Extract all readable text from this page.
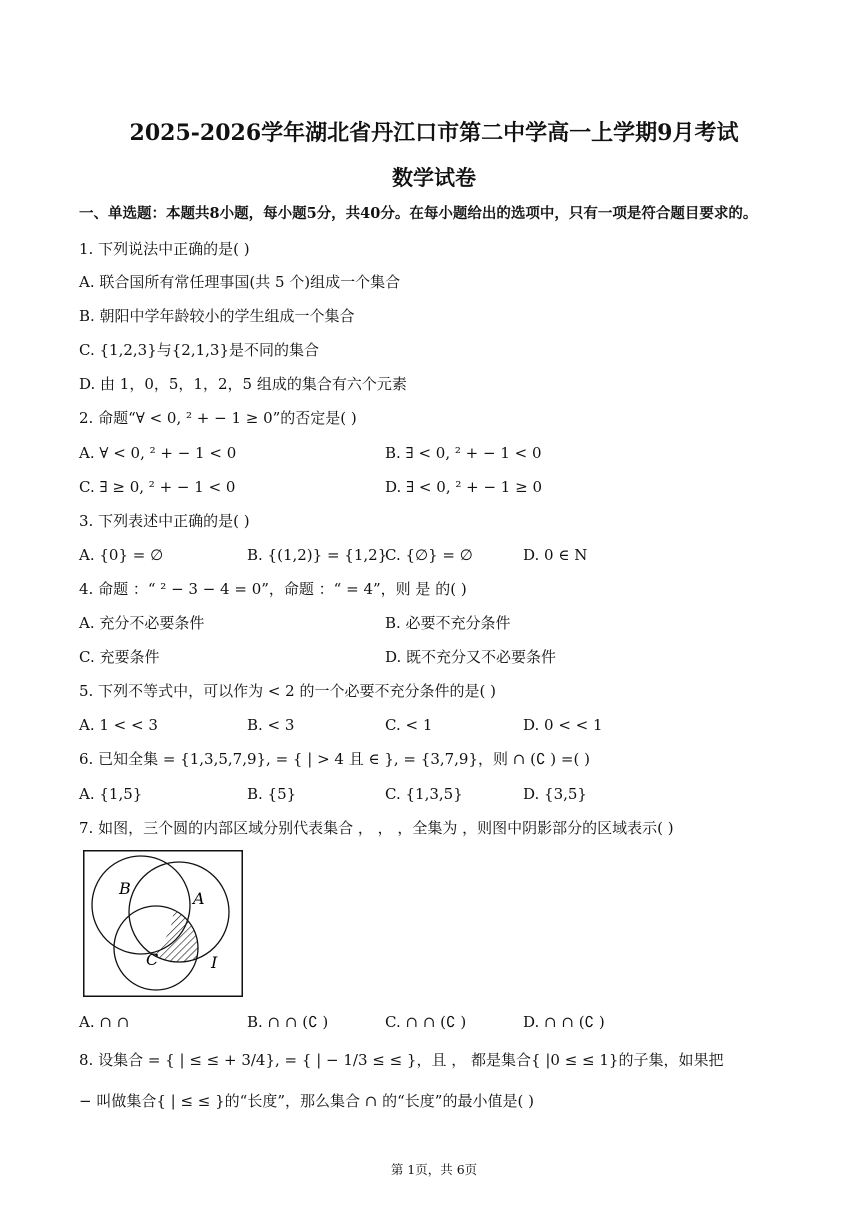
2025-2026学年湖北省丹江口市第二中学高一上学期9月考试
数学试卷
一、单选题：本题共8小题，每小题5分，共40分。在每小题给出的选项中，只有一项是符合题目要求的。
1. 下列说法中正确的是( )
A. 联合国所有常任理事国(共 5 个)组成一个集合
B. 朝阳中学年龄较小的学生组成一个集合
C. {1,2,3}与{2,1,3}是不同的集合
D. 由 1，0，5，1，2，5 组成的集合有六个元素
2. 命题“∀ < 0, ² + − 1 ≥ 0”的否定是( )
A. ∀ < 0, ² + − 1 < 0	B. ∃ < 0, ² + − 1 < 0
C. ∃ ≥ 0, ² + − 1 < 0	D. ∃ < 0, ² + − 1 ≥ 0
3. 下列表述中正确的是( )
A. {0} = ∅	B. {(1,2)} = {1,2}
C. {∅} = ∅	D. 0 ∈ N
4. 命题 ：“ ² − 3 − 4 = 0”，命题 ：“ = 4”，则 是 的( )
A. 充分不必要条件	B. 必要不充分条件
C. 充要条件	D. 既不充分又不必要条件
5. 下列不等式中，可以作为 < 2 的一个必要不充分条件的是( )
A. 1 < < 3	B. < 3	C. < 1	D. 0 < < 1
6. 已知全集 = {1,3,5,7,9}, = { | > 4 且 ∈ }, = {3,7,9}，则 ∩ (∁ ) =( )
A. {1,5}	B. {5}	C. {1,3,5}	D. {3,5}
7. 如图，三个圆的内部区域分别代表集合 ， ， ，全集为 ，则图中阴影部分的区域表示( )
B
A
C	I
A. ∩ ∩	B. ∩ ∩ (∁ )	C. ∩ ∩ (∁ )	D. ∩ ∩ (∁ )
8. 设集合 = { | ≤ ≤ + 3/4}, = { | − 1/3 ≤ ≤ }，且 ， 都是集合{ |0 ≤ ≤ 1}的子集，如果把
− 叫做集合{ | ≤ ≤ }的“长度”，那么集合 ∩ 的“长度”的最小值是( )
第 1页，共 6页
